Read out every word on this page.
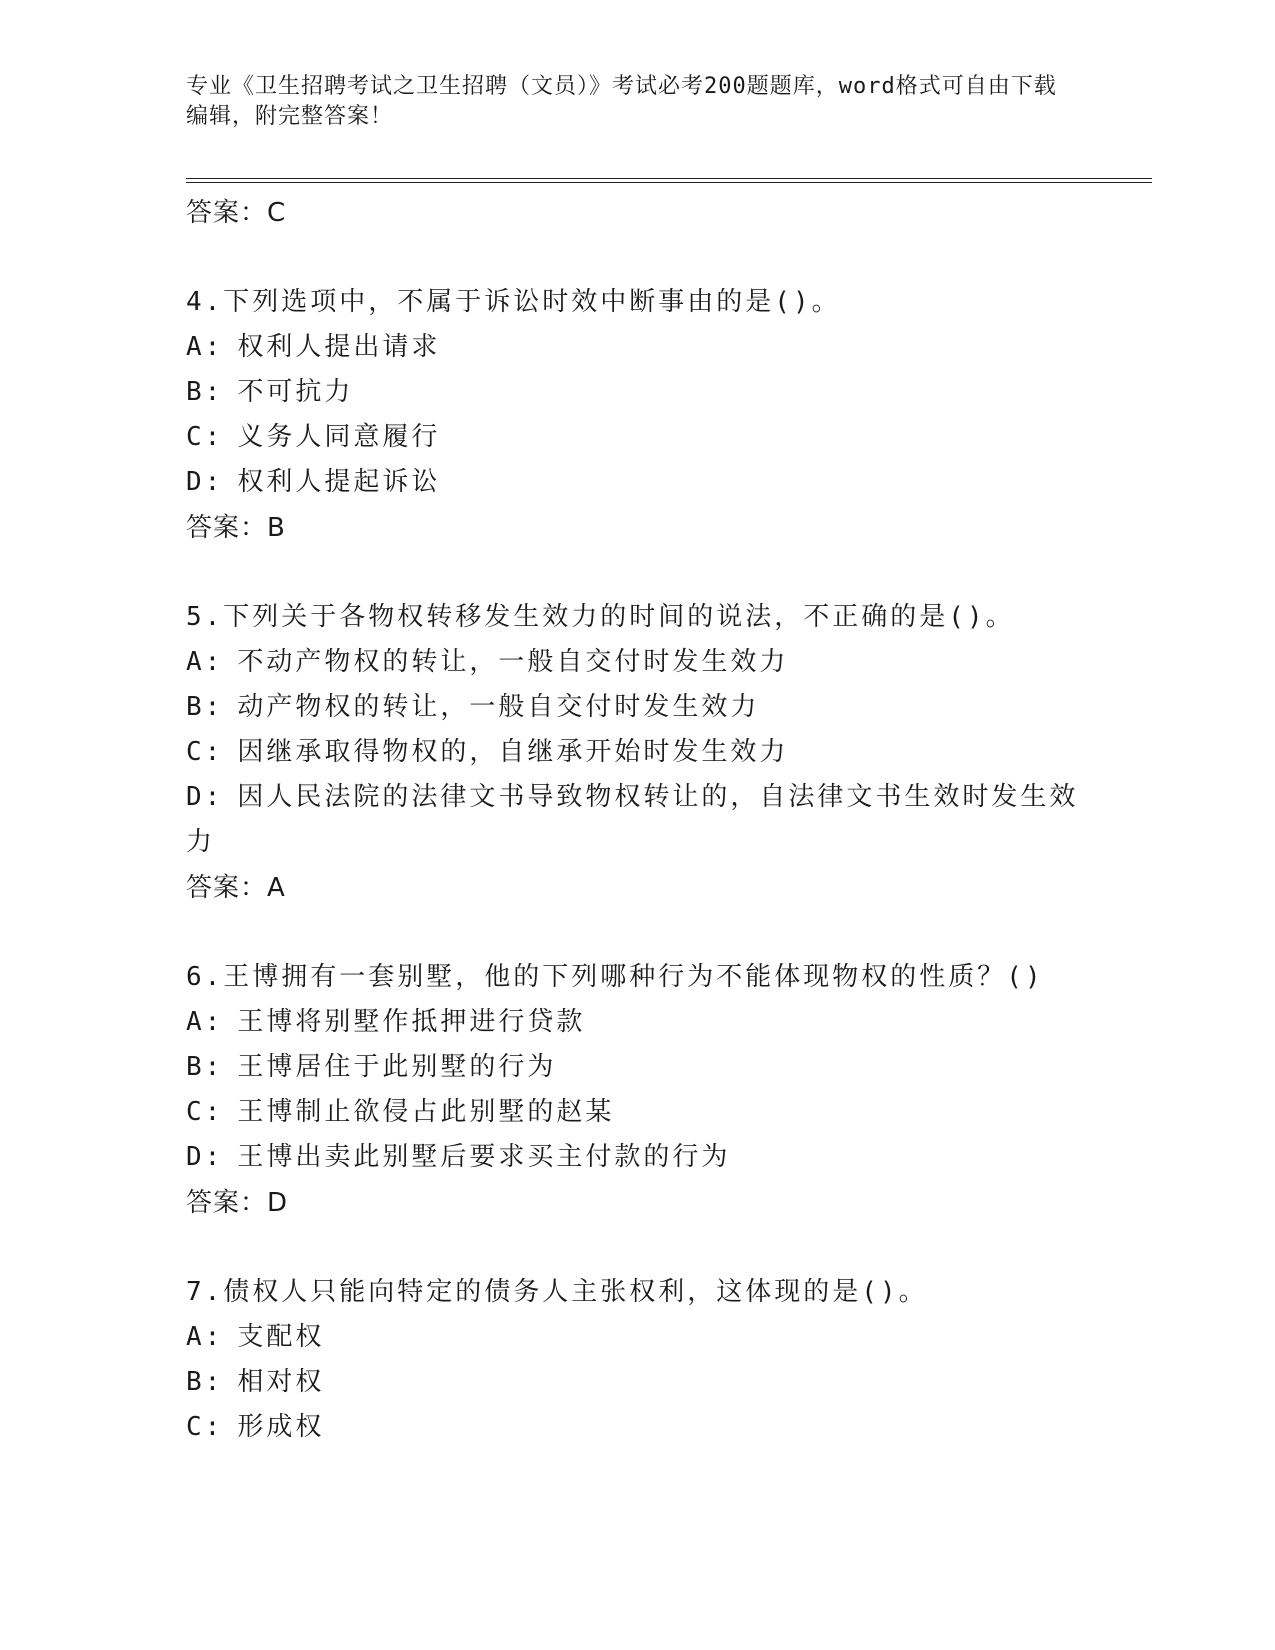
专业《卫生招聘考试之卫生招聘（文员）》考试必考200题题库，word格式可自由下载编辑，附完整答案！
答案：C
4.下列选项中，不属于诉讼时效中断事由的是()。
A: 权利人提出请求
B: 不可抗力
C: 义务人同意履行
D: 权利人提起诉讼
答案：B
5.下列关于各物权转移发生效力的时间的说法，不正确的是()。
A: 不动产物权的转让，一般自交付时发生效力
B: 动产物权的转让，一般自交付时发生效力
C: 因继承取得物权的，自继承开始时发生效力
D: 因人民法院的法律文书导致物权转让的，自法律文书生效时发生效力
答案：A
6.王博拥有一套别墅，他的下列哪种行为不能体现物权的性质？()
A: 王博将别墅作抵押进行贷款
B: 王博居住于此别墅的行为
C: 王博制止欲侵占此别墅的赵某
D: 王博出卖此别墅后要求买主付款的行为
答案：D
7.债权人只能向特定的债务人主张权利，这体现的是()。
A: 支配权
B: 相对权
C: 形成权
